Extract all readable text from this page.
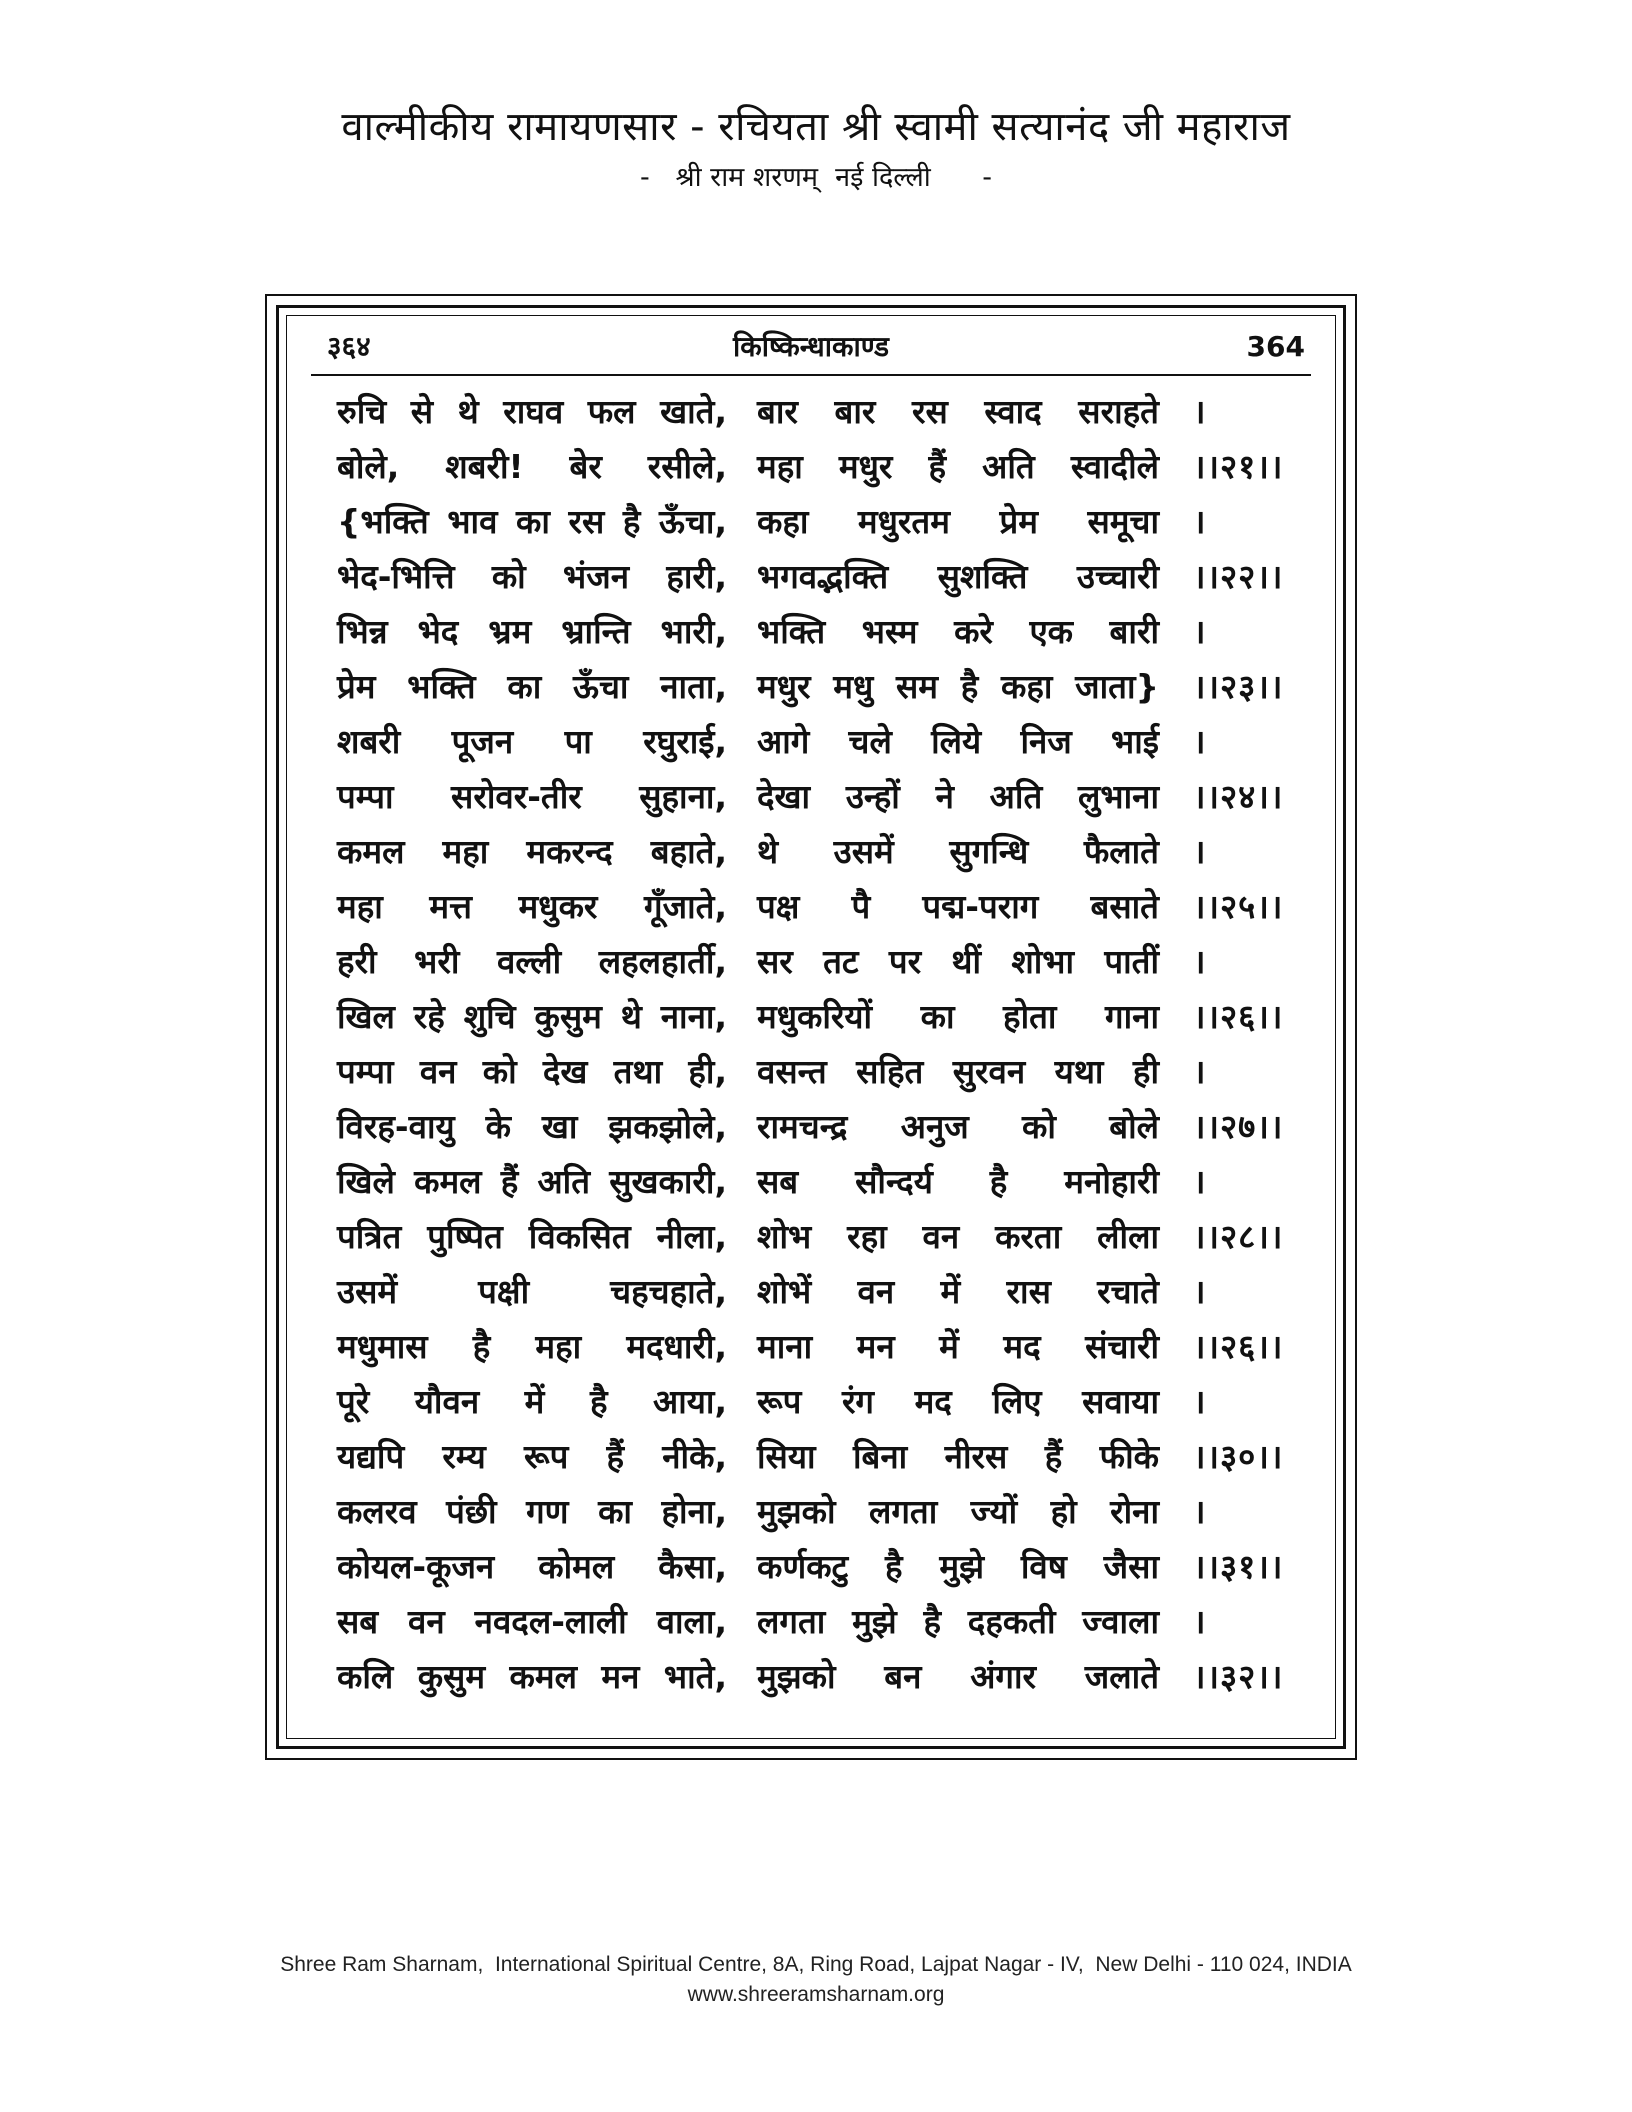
वाल्मीकीय रामायणसार - रचियता श्री स्वामी सत्यानंद जी महाराज
-   श्री राम शरणम्  नई दिल्ली      -
३६४	किष्किन्धाकाण्ड	364
रुचि से थे राघव फल खाते, बार बार रस स्वाद सराहते ।
बोले, शबरी! बेर रसीले, महा मधुर हैं अति स्वादीले ।।२१।।
{भक्ति भाव का रस है ऊँचा, कहा मधुरतम प्रेम समूचा ।
भेद-भित्ति को भंजन हारी, भगवद्भक्ति सुशक्ति उच्चारी ।।२२।।
भिन्न भेद भ्रम भ्रान्ति भारी, भक्ति भस्म करे एक बारी ।
प्रेम भक्ति का ऊँचा नाता, मधुर मधु सम है कहा जाता} ।।२३।।
शबरी पूजन पा रघुराई, आगे चले लिये निज भाई ।
पम्पा सरोवर-तीर सुहाना, देखा उन्हों ने अति लुभाना ।।२४।।
कमल महा मकरन्द बहाते, थे उसमें सुगन्धि फैलाते ।
महा मत्त मधुकर गूँजाते, पक्ष पै पद्म-पराग बसाते ।।२५।।
हरी भरी वल्ली लहलहार्ती, सर तट पर थीं शोभा पातीं ।
खिल रहे शुचि कुसुम थे नाना, मधुकरियों का होता गाना ।।२६।।
पम्पा वन को देख तथा ही, वसन्त सहित सुरवन यथा ही ।
विरह-वायु के खा झकझोले, रामचन्द्र अनुज को बोले ।।२७।।
खिले कमल हैं अति सुखकारी, सब सौन्दर्य है मनोहारी ।
पत्रित पुष्पित विकसित नीला, शोभ रहा वन करता लीला ।।२८।।
उसमें पक्षी चहचहाते, शोभें वन में रास रचाते ।
मधुमास है महा मदधारी, माना मन में मद संचारी ।।२६।।
पूरे यौवन में है आया, रूप रंग मद लिए सवाया ।
यद्यपि रम्य रूप हैं नीके, सिया बिना नीरस हैं फीके ।।३०।।
कलरव पंछी गण का होना, मुझको लगता ज्यों हो रोना ।
कोयल-कूजन कोमल कैसा, कर्णकटु है मुझे विष जैसा ।।३१।।
सब वन नवदल-लाली वाला, लगता मुझे है दहकती ज्वाला ।
कलि कुसुम कमल मन भाते, मुझको बन अंगार जलाते ।।३२।।
Shree Ram Sharnam,  International Spiritual Centre, 8A, Ring Road, Lajpat Nagar - IV,  New Delhi - 110 024, INDIA
www.shreeramsharnam.org
